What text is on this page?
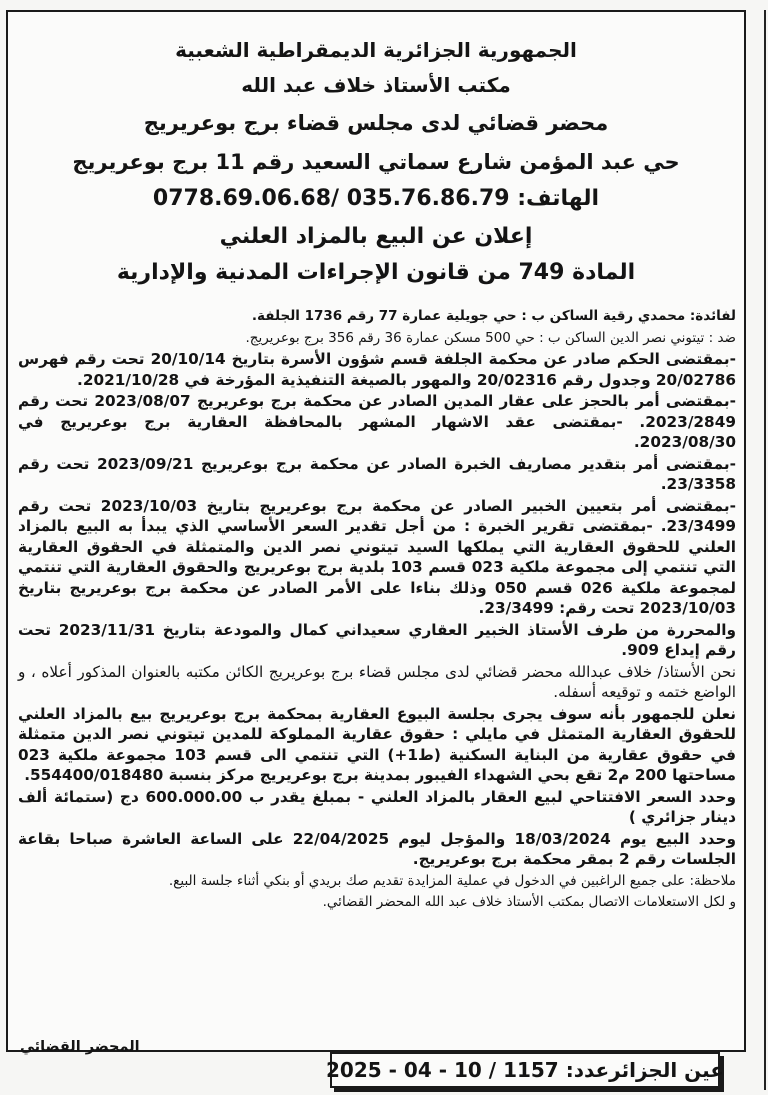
الجمهورية الجزائرية الديمقراطية الشعبية
مكتب الأستاذ خلاف عبد الله
محضر قضائي لدى مجلس قضاء برج بوعريريج
حي عبد المؤمن شارع سماتي السعيد رقم 11 برج بوعريريج
الهاتف: 035.76.86.79 /0778.69.06.68
إعلان عن البيع بالمزاد العلني
المادة 749 من قانون الإجراءات المدنية والإدارية

لفائدة: محمدي رقية الساكن ب : حي جويلية عمارة 77 رقم 1736 الجلفة.

ضد : تيتوني نصر الدين الساكن ب : حي 500 مسكن عمارة 36 رقم 356 برج بوعريريج.

-بمقتضى الحكم صادر عن محكمة الجلفة قسم شؤون الأسرة بتاريخ 20/10/14 تحت رقم فهرس 20/02786 وجدول رقم 20/02316 والمهور بالصيغة التنفيذية المؤرخة في 2021/10/28.

-بمقتضى أمر بالحجز على عقار المدين الصادر عن محكمة برج بوعريريج 2023/08/07 تحت رقم 2023/2849. -بمقتضى عقد الاشهار المشهر بالمحافظة العقارية برج بوعريريج في 2023/08/30.

-بمقتضى أمر بتقدير مصاريف الخبرة الصادر عن محكمة برج بوعريريج 2023/09/21 تحت رقم 23/3358.

-بمقتضى أمر بتعيين الخبير الصادر عن محكمة برج بوعريريج بتاريخ 2023/10/03 تحت رقم 23/3499. -بمقتضى تقرير الخبرة : من أجل تقدير السعر الأساسي الذي يبدأ به البيع بالمزاد العلني للحقوق العقارية التي يملكها السيد تيتوني نصر الدين والمتمثلة في الحقوق العقارية التي تنتمي إلى مجموعة ملكية 023 قسم 103 بلدية برج بوعريريج والحقوق العقارية التي تنتمي لمجموعة ملكية 026 قسم 050 وذلك بناءا على الأمر الصادر عن محكمة برج بوعريريج بتاريخ 2023/10/03 تحت رقم: 23/3499.

والمحررة من طرف الأستاذ الخبير العقاري سعيداني كمال والمودعة بتاريخ 2023/11/31 تحت رقم إيداع 909.

نحن الأستاذ/ خلاف عبدالله محضر قضائي لدى مجلس قضاء برج بوعريريج الكائن مكتبه بالعنوان المذكور أعلاه ، و الواضع ختمه و توقيعه أسفله.

نعلن للجمهور بأنه سوف يجرى بجلسة البيوع العقارية بمحكمة برج بوعريريج بيع بالمزاد العلني للحقوق العقارية المتمثل في مايلي : حقوق عقارية المملوكة للمدين تيتوني نصر الدين متمثلة في حقوق عقارية من البناية السكنية (ط1+) التي تنتمي الى قسم 103 مجموعة ملكية 023 مساحتها 200 م2 تقع بحي الشهداء الفيبور بمدينة برج بوعريريج مركز بنسبة 554400/018480.

وحدد السعر الافتتاحي لبيع العقار بالمزاد العلني - بمبلغ يقدر ب 600.000.00 دج (ستمائة ألف دينار جزائري )

وحدد البيع يوم 18/03/2024 والمؤجل ليوم 22/04/2025 على الساعة العاشرة صباحا بقاعة الجلسات رقم 2 بمقر محكمة برج بوعريريج.

ملاحظة: على جميع الراغبين في الدخول في عملية المزايدة تقديم صك بريدي أو بنكي أثناء جلسة البيع.

و لكل الاستعلامات الاتصال بمكتب الأستاذ خلاف عبد الله المحضر القضائي.

المحضر القضائي
عين الجزائرعدد: 1157 / 10 - 04 - 2025
